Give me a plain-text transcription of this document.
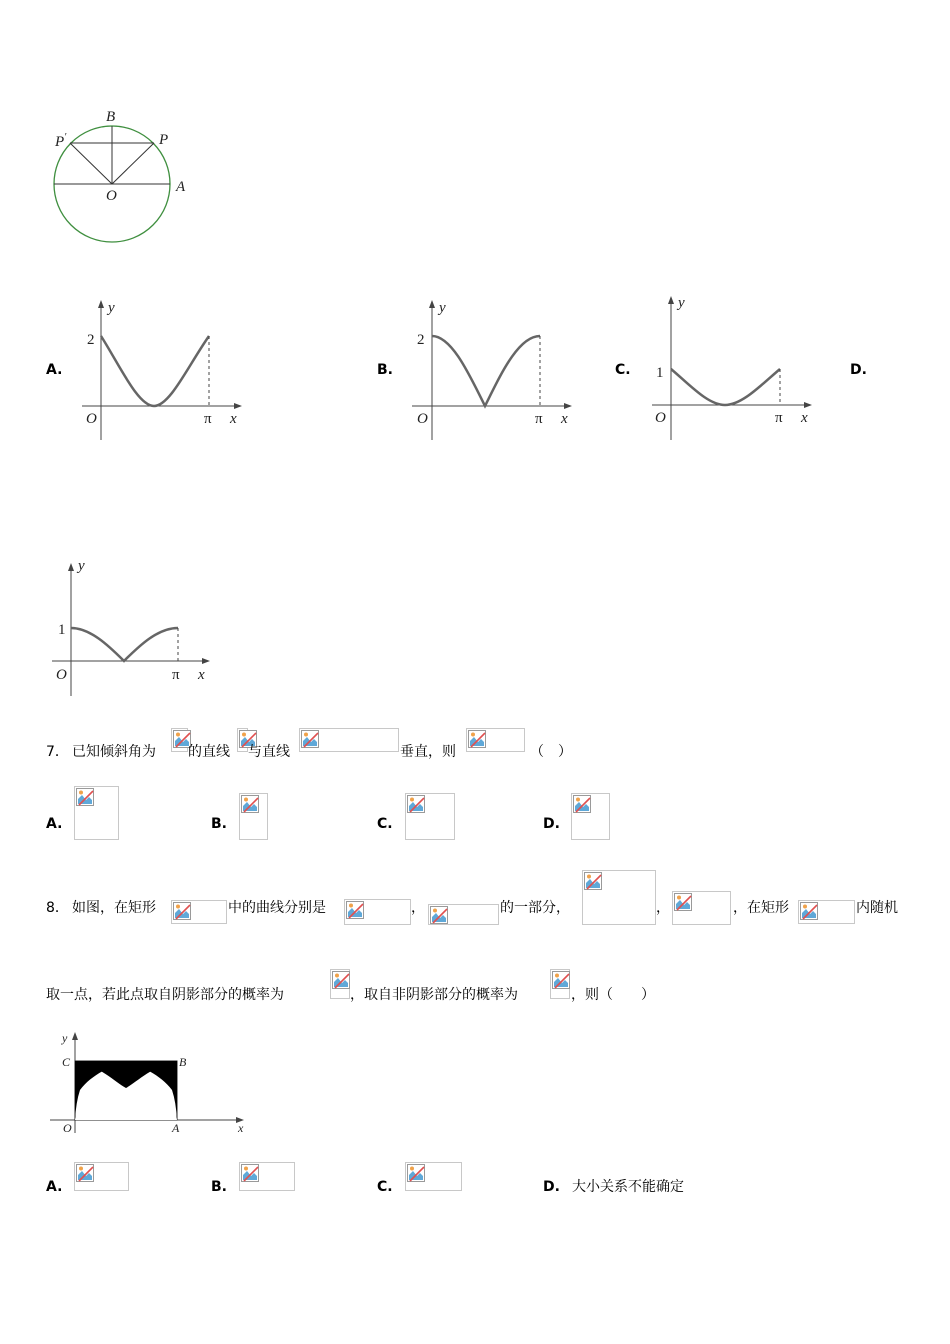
B
P′	P
O
A
A.	B.	C.	D.
y
2
O	π x
y
2
O	π x
y
1
O	π x
y
1
O	π x
7． 已知倾斜角为 的直线 与直线	垂直，则	（　）
A.	B.	C.	D.
8． 如图，在矩形	中的曲线分别是	，	的一部分，	，	，在矩形	内随机
取一点，若此点取自阴影部分的概率为	，取自非阴影部分的概率为	，则（　　）
y
C	B
O	A	x
A.	B.	C.	D. 大小关系不能确定
